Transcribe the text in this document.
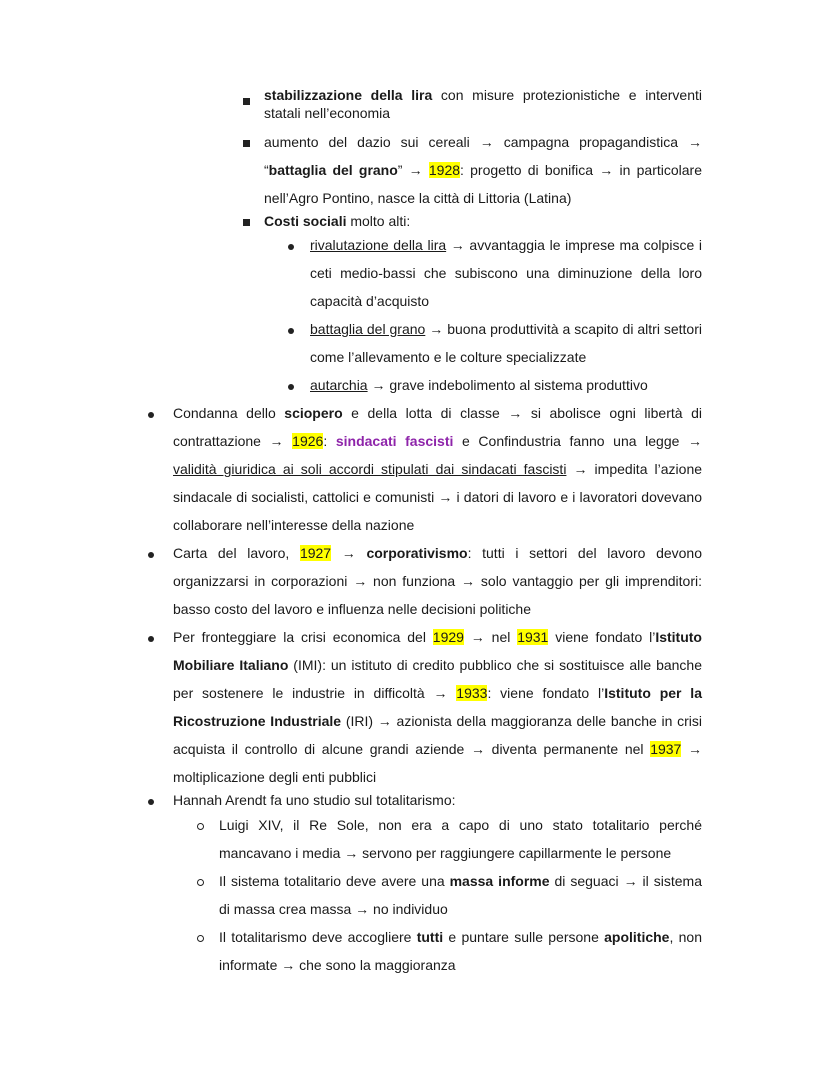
stabilizzazione della lira con misure protezionistiche e interventi statali nell’economia

aumento del dazio sui cereali → campagna propagandistica → “battaglia del grano” → 1928: progetto di bonifica → in particolare nell’Agro Pontino, nasce la città di Littoria (Latina)

Costi sociali molto alti:

rivalutazione della lira → avvantaggia le imprese ma colpisce i ceti medio-bassi che subiscono una diminuzione della loro capacità d’acquisto

battaglia del grano → buona produttività a scapito di altri settori come l’allevamento e le colture specializzate

autarchia → grave indebolimento al sistema produttivo

Condanna dello sciopero e della lotta di classe → si abolisce ogni libertà di contrattazione → 1926: sindacati fascisti e Confindustria fanno una legge → validità giuridica ai soli accordi stipulati dai sindacati fascisti → impedita l’azione sindacale di socialisti, cattolici e comunisti → i datori di lavoro e i lavoratori dovevano collaborare nell’interesse della nazione

Carta del lavoro, 1927 → corporativismo: tutti i settori del lavoro devono organizzarsi in corporazioni → non funziona → solo vantaggio per gli imprenditori: basso costo del lavoro e influenza nelle decisioni politiche

Per fronteggiare la crisi economica del 1929 → nel 1931 viene fondato l’Istituto Mobiliare Italiano (IMI): un istituto di credito pubblico che si sostituisce alle banche per sostenere le industrie in difficoltà → 1933: viene fondato l’Istituto per la Ricostruzione Industriale (IRI) → azionista della maggioranza delle banche in crisi acquista il controllo di alcune grandi aziende → diventa permanente nel 1937 → moltiplicazione degli enti pubblici

Hannah Arendt fa uno studio sul totalitarismo:

Luigi XIV, il Re Sole, non era a capo di uno stato totalitario perché mancavano i media → servono per raggiungere capillarmente le persone

Il sistema totalitario deve avere una massa informe di seguaci → il sistema di massa crea massa → no individuo

Il totalitarismo deve accogliere tutti e puntare sulle persone apolitiche, non informate → che sono la maggioranza
